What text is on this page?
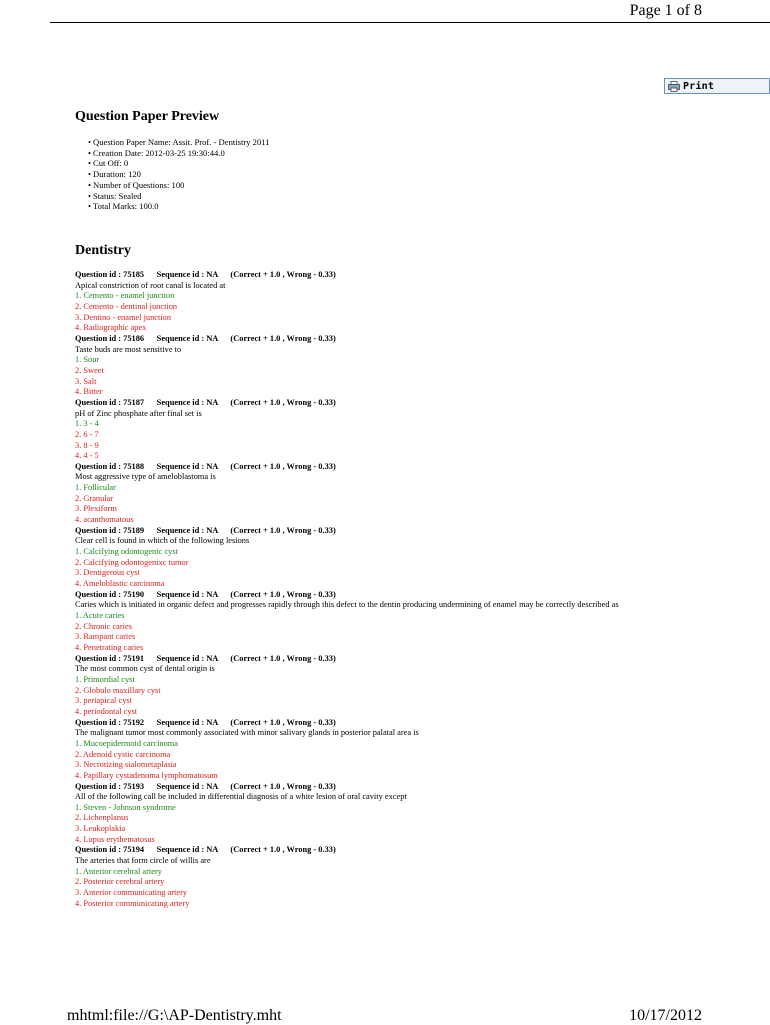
Page 1 of 8
Print
Question Paper Preview
• Question Paper Name: Assit. Prof. - Dentistry 2011
• Creation Date: 2012-03-25 19:30:44.0
• Cut Off: 0
• Duration: 120
• Number of Questions: 100
• Status: Sealed
• Total Marks: 100.0
Dentistry
Question id : 75185      Sequence id : NA      (Correct + 1.0 , Wrong - 0.33)
Apical constriction of root canal is located at
1. Cemento - enamel junction
2. Cemento - dentinal junction
3. Dentino - enamel junction
4. Radiographic apex
Question id : 75186      Sequence id : NA      (Correct + 1.0 , Wrong - 0.33)
Taste buds are most sensitive to
1. Sour
2. Sweet
3. Salt
4. Bitter
Question id : 75187      Sequence id : NA      (Correct + 1.0 , Wrong - 0.33)
pH of Zinc phosphate after final set is
1. 3 - 4
2. 6 - 7
3. 8 - 9
4. 4 - 5
Question id : 75188      Sequence id : NA      (Correct + 1.0 , Wrong - 0.33)
Most aggressive type of ameloblastoma is
1. Follicular
2. Granular
3. Plexiform
4. acanthomatous
Question id : 75189      Sequence id : NA      (Correct + 1.0 , Wrong - 0.33)
Clear cell is found in which of the following lesions
1. Calcifying odontogenic cyst
2. Calcifying odontogenixc tumor
3. Dentigerous cyst
4. Ameloblastic carcinoma
Question id : 75190      Sequence id : NA      (Correct + 1.0 , Wrong - 0.33)
Caries which is initiated in organic defect and progresses rapidly through this defect to the dentin producing undermining of enamel may be correctly described as
1. Acute caries
2. Chronic caries
3. Rampant caries
4. Penetrating caries
Question id : 75191      Sequence id : NA      (Correct + 1.0 , Wrong - 0.33)
The most common cyst of dental origin is
1. Primordial cyst
2. Globulo maxillary cyst
3. periapical cyst
4. periodontal cyst
Question id : 75192      Sequence id : NA      (Correct + 1.0 , Wrong - 0.33)
The malignant tumor most commonly associated with minor salivary glands in posterior palatal area is
1. Mucoepidermoid carcinoma
2. Adenoid cystic carcinoma
3. Necrotizing sialometaplasia
4. Papillary cystadenoma lymphomatosum
Question id : 75193      Sequence id : NA      (Correct + 1.0 , Wrong - 0.33)
All of the following call be included in differential diagnosis of a white lesion of oral cavity except
1. Steven - Johnson syndrome
2. Lichenplanus
3. Leukoplakia
4. Lupus erythematosus
Question id : 75194      Sequence id : NA      (Correct + 1.0 , Wrong - 0.33)
The arteries that form circle of willis are
1. Anterior cerebral artery
2. Posterior cerebral artery
3. Anterior communicating artery
4. Posterior communicating artery
mhtml:file://G:\AP-Dentistry.mht	10/17/2012
